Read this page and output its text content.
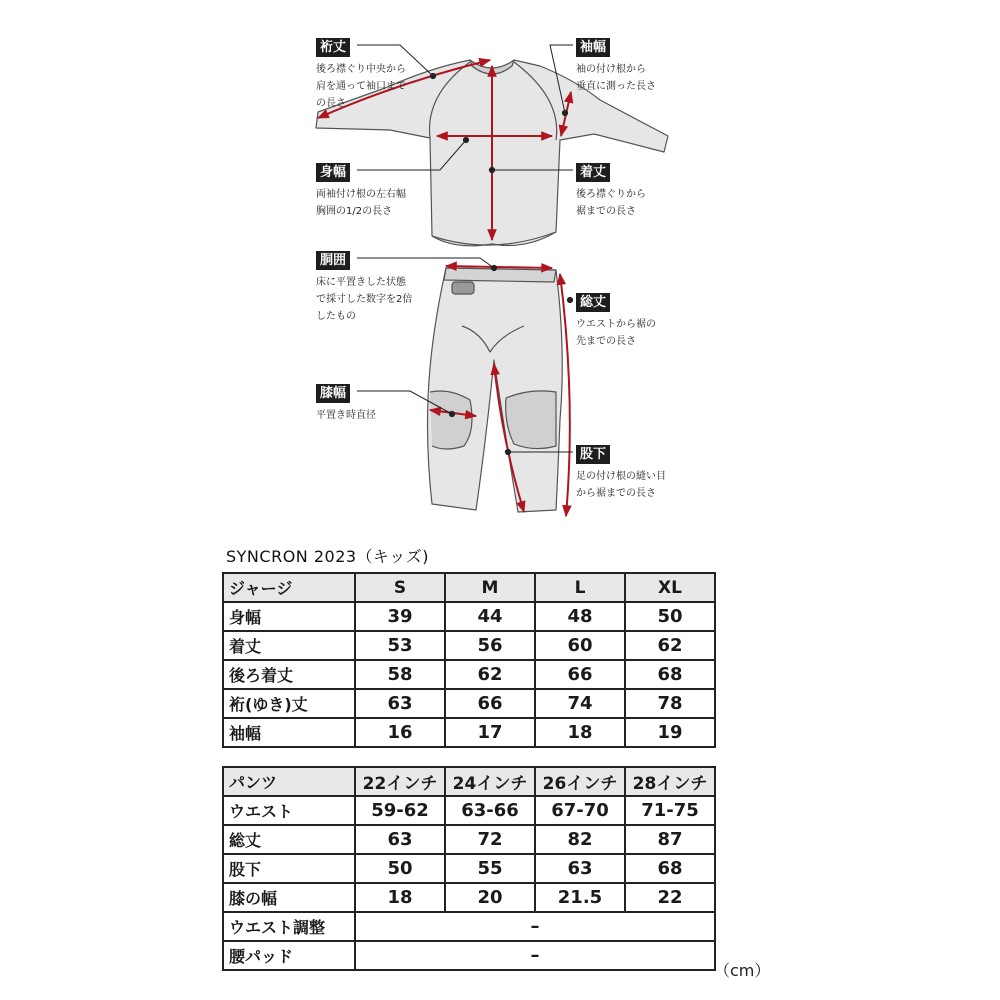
裄丈
後ろ襟ぐり中央から
肩を通って袖口まで
の長さ
袖幅
袖の付け根から
垂直に測った長さ
身幅
両袖付け根の左右幅
胸囲の1/2の長さ
着丈
後ろ襟ぐりから
裾までの長さ
胴囲
床に平置きした状態
で採寸した数字を2倍
したもの
総丈
ウエストから裾の
先までの長さ
膝幅
平置き時直径
股下
足の付け根の縫い目
から裾までの長さ
SYNCRON 2023（キッズ)
ジャージ	S	M	L	XL
身幅	39	44	48	50
着丈	53	56	60	62
後ろ着丈	58	62	66	68
裄(ゆき)丈	63	66	74	78
袖幅	16	17	18	19
パンツ	22インチ	24インチ	26インチ	28インチ
ウエスト	59-62	63-66	67-70	71-75
総丈	63	72	82	87
股下	50	55	63	68
膝の幅	18	20	21.5	22
ウエスト調整	–			
腰パッド	–			
（cm）
